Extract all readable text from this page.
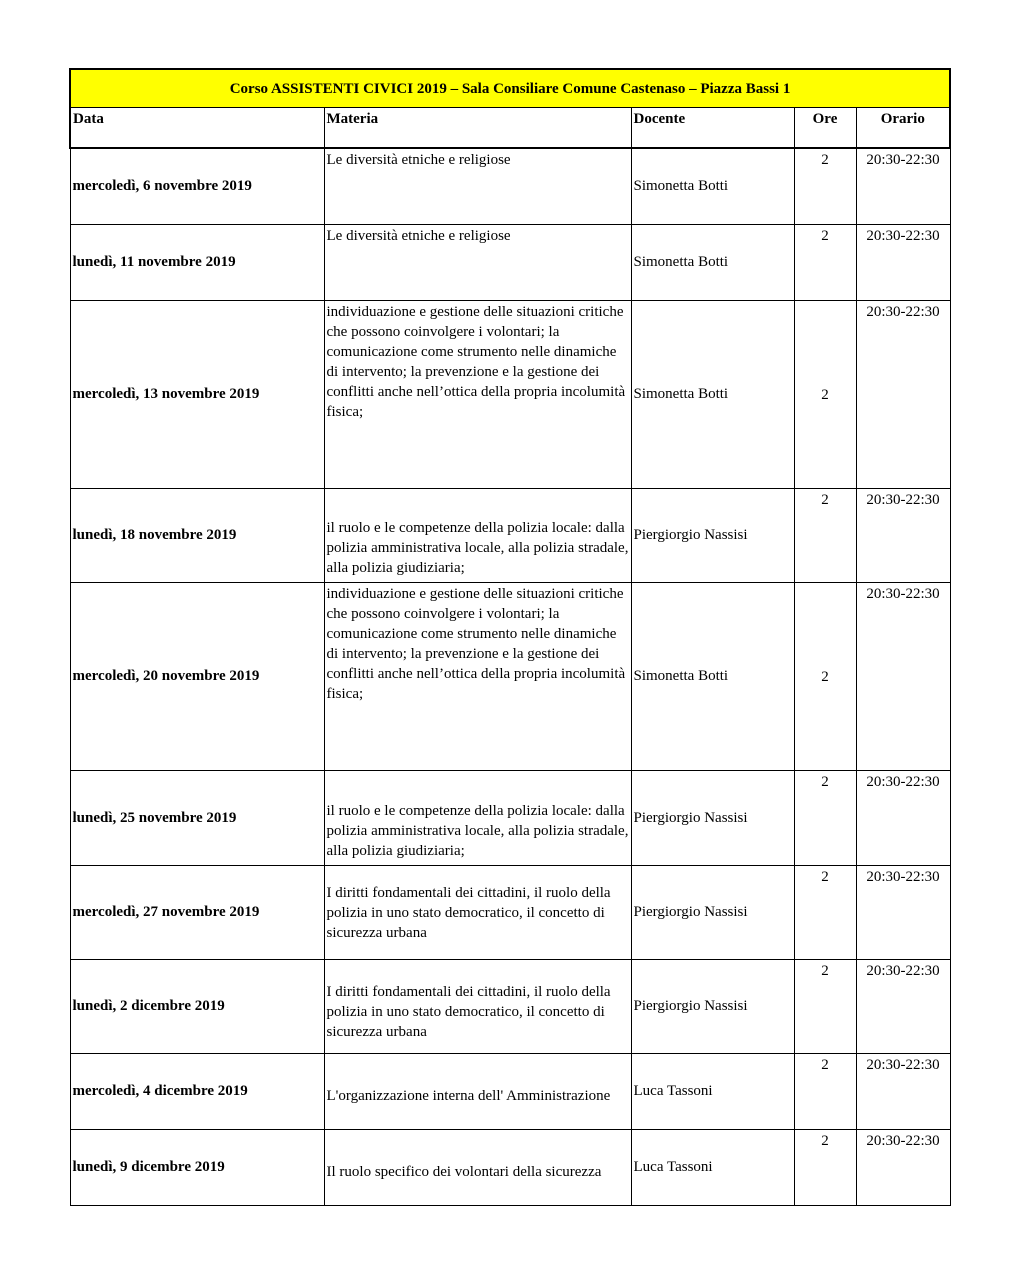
Corso ASSISTENTI CIVICI 2019 – Sala Consiliare Comune Castenaso – Piazza Bassi 1				
Data	Materia	Docente	Ore	Orario
mercoledì, 6 novembre 2019	Le diversità etniche e religiose	Simonetta Botti	2	20:30-22:30
lunedì, 11 novembre 2019	Le diversità etniche e religiose	Simonetta Botti	2	20:30-22:30
mercoledì, 13 novembre 2019	individuazione e gestione delle situazioni critiche che possono coinvolgere i volontari; la comunicazione come strumento nelle dinamiche di intervento; la prevenzione e la gestione dei conflitti anche nell’ottica della propria incolumità fisica;	Simonetta Botti	2	20:30-22:30
lunedì, 18 novembre 2019	il ruolo e le competenze della polizia locale: dalla polizia amministrativa locale, alla polizia stradale, alla polizia giudiziaria;	Piergiorgio Nassisi	2	20:30-22:30
mercoledì, 20 novembre 2019	individuazione e gestione delle situazioni critiche che possono coinvolgere i volontari; la comunicazione come strumento nelle dinamiche di intervento; la prevenzione e la gestione dei conflitti anche nell’ottica della propria incolumità fisica;	Simonetta Botti	2	20:30-22:30
lunedì, 25 novembre 2019	il ruolo e le competenze della polizia locale: dalla polizia amministrativa locale, alla polizia stradale, alla polizia giudiziaria;	Piergiorgio Nassisi	2	20:30-22:30
mercoledì, 27 novembre 2019	I diritti fondamentali dei cittadini, il ruolo della polizia in uno stato democratico, il concetto di sicurezza urbana	Piergiorgio Nassisi	2	20:30-22:30
lunedì, 2 dicembre 2019	I diritti fondamentali dei cittadini, il ruolo della polizia in uno stato democratico, il concetto di sicurezza urbana	Piergiorgio Nassisi	2	20:30-22:30
mercoledì, 4 dicembre 2019	L'organizzazione interna dell' Amministrazione	Luca Tassoni	2	20:30-22:30
lunedì, 9 dicembre 2019	Il ruolo specifico dei volontari della sicurezza	Luca Tassoni	2	20:30-22:30
